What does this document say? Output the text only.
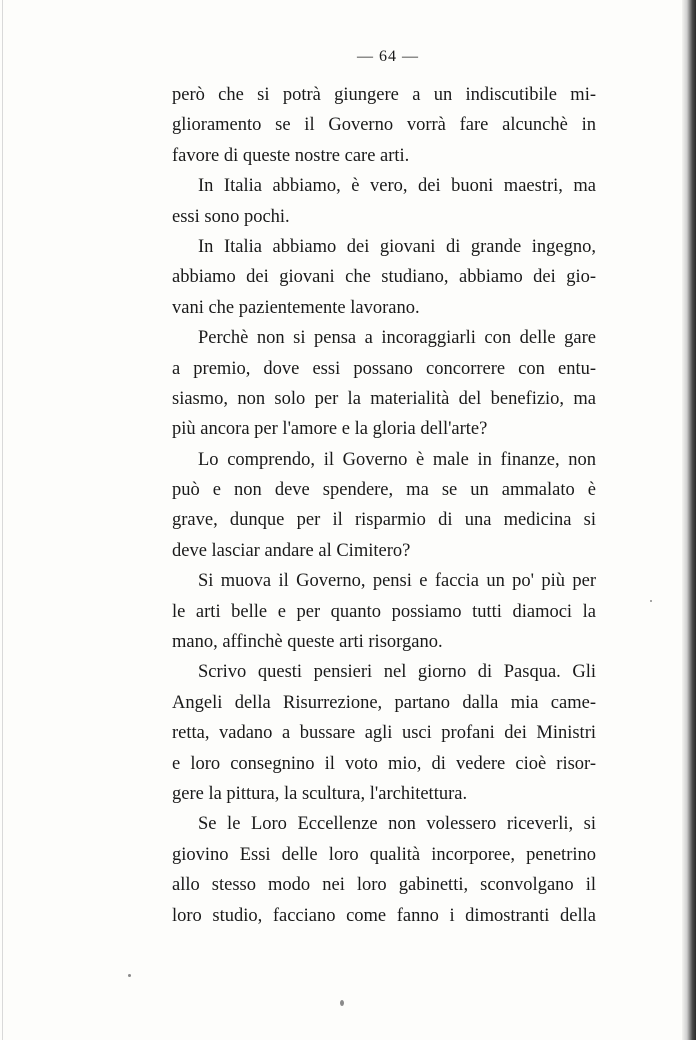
— 64 —
però che si potrà giungere a un indiscutibile mi-
glioramento se il Governo vorrà fare alcunchè in
favore di queste nostre care arti.
In Italia abbiamo, è vero, dei buoni maestri, ma
essi sono pochi.
In Italia abbiamo dei giovani di grande ingegno,
abbiamo dei giovani che studiano, abbiamo dei gio-
vani che pazientemente lavorano.
Perchè non si pensa a incoraggiarli con delle gare
a premio, dove essi possano concorrere con entu-
siasmo, non solo per la materialità del benefizio, ma
più ancora per l'amore e la gloria dell'arte?
Lo comprendo, il Governo è male in finanze, non
può e non deve spendere, ma se un ammalato è
grave, dunque per il risparmio di una medicina si
deve lasciar andare al Cimitero?
Si muova il Governo, pensi e faccia un po' più per
le arti belle e per quanto possiamo tutti diamoci la
mano, affinchè queste arti risorgano.
Scrivo questi pensieri nel giorno di Pasqua. Gli
Angeli della Risurrezione, partano dalla mia came-
retta, vadano a bussare agli usci profani dei Ministri
e loro consegnino il voto mio, di vedere cioè risor-
gere la pittura, la scultura, l'architettura.
Se le Loro Eccellenze non volessero riceverli, si
giovino Essi delle loro qualità incorporee, penetrino
allo stesso modo nei loro gabinetti, sconvolgano il
loro studio, facciano come fanno i dimostranti della
